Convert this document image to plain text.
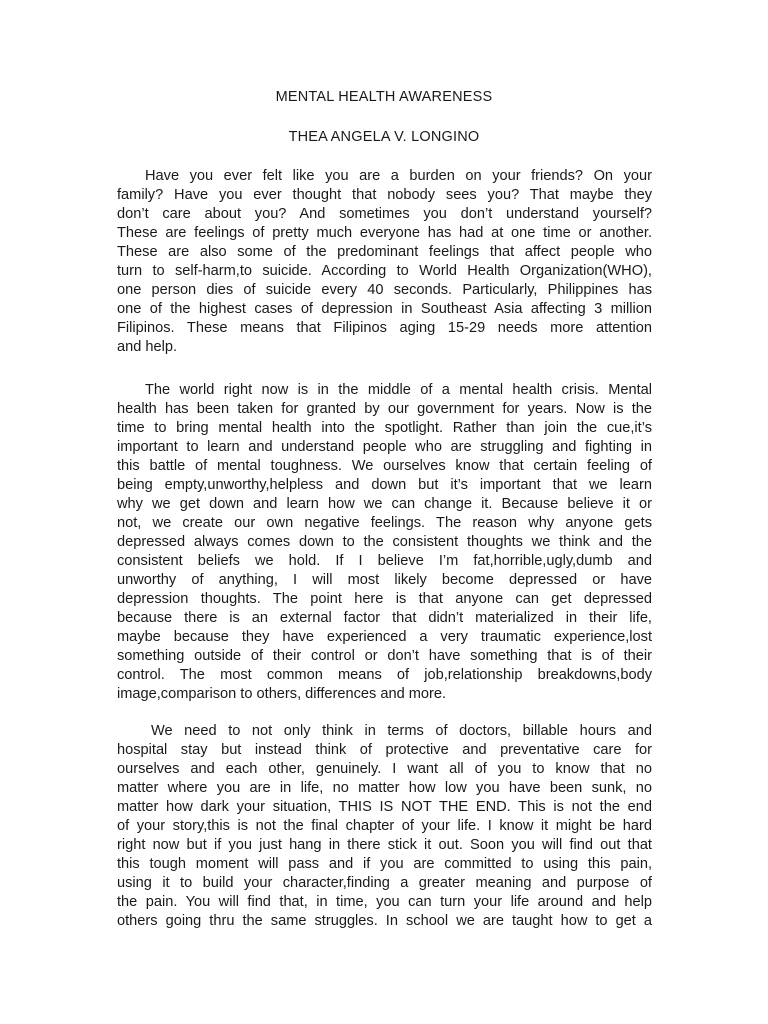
MENTAL HEALTH AWARENESS
THEA ANGELA V. LONGINO
Have you ever felt like you are a burden on your friends? On your
family? Have you ever thought that nobody sees you? That maybe they
don’t care about you? And sometimes you don’t understand yourself?
These are feelings of pretty much everyone has had at one time or another.
These are also some of the predominant feelings that affect people who
turn to self-harm,to suicide. According to World Health Organization(WHO),
one person dies of suicide every 40 seconds. Particularly, Philippines has
one of the highest cases of depression in Southeast Asia affecting 3 million
Filipinos. These means that Filipinos aging 15-29 needs more attention
and help.
The world right now is in the middle of a mental health crisis. Mental
health has been taken for granted by our government for years. Now is the
time to bring mental health into the spotlight. Rather than join the cue,it’s
important to learn and understand people who are struggling and fighting in
this battle of mental toughness. We ourselves know that certain feeling of
being empty,unworthy,helpless and down but it’s important that we learn
why we get down and learn how we can change it. Because believe it or
not, we create our own negative feelings. The reason why anyone gets
depressed always comes down to the consistent thoughts we think and the
consistent beliefs we hold. If I believe I’m fat,horrible,ugly,dumb and
unworthy of anything, I will most likely become depressed or have
depression thoughts. The point here is that anyone can get depressed
because there is an external factor that didn’t materialized in their life,
maybe because they have experienced a very traumatic experience,lost
something outside of their control or don’t have something that is of their
control. The most common means of job,relationship breakdowns,body
image,comparison to others, differences and more.
We need to not only think in terms of doctors, billable hours and
hospital stay but instead think of protective and preventative care for
ourselves and each other, genuinely. I want all of you to know that no
matter where you are in life, no matter how low you have been sunk, no
matter how dark your situation, THIS IS NOT THE END. This is not the end
of your story,this is not the final chapter of your life. I know it might be hard
right now but if you just hang in there stick it out. Soon you will find out that
this tough moment will pass and if you are committed to using this pain,
using it to build your character,finding a greater meaning and purpose of
the pain. You will find that, in time, you can turn your life around and help
others going thru the same struggles. In school we are taught how to get a
